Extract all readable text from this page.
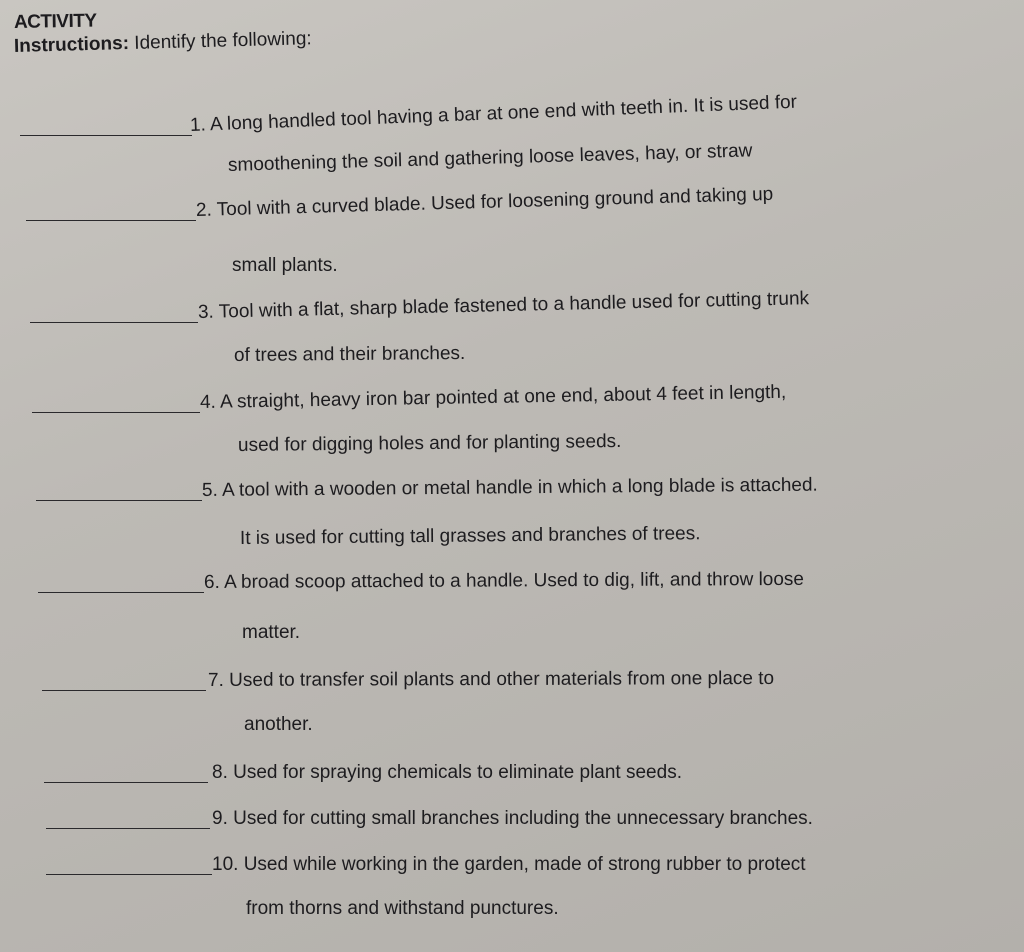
ACTIVITY
Instructions: Identify the following:
1. A long handled tool having a bar at one end with teeth in. It is used for
smoothening the soil and gathering loose leaves, hay, or straw
2. Tool with a curved blade. Used for loosening ground and taking up
small plants.
3. Tool with a flat, sharp blade fastened to a handle used for cutting trunk
of trees and their branches.
4. A straight, heavy iron bar pointed at one end, about 4 feet in length,
used for digging holes and for planting seeds.
5. A tool with a wooden or metal handle in which a long blade is attached.
It is used for cutting tall grasses and branches of trees.
6. A broad scoop attached to a handle. Used to dig, lift, and throw loose
matter.
7. Used to transfer soil plants and other materials from one place to
another.
8. Used for spraying chemicals to eliminate plant seeds.
9. Used for cutting small branches including the unnecessary branches.
10. Used while working in the garden, made of strong rubber to protect
from thorns and withstand punctures.
